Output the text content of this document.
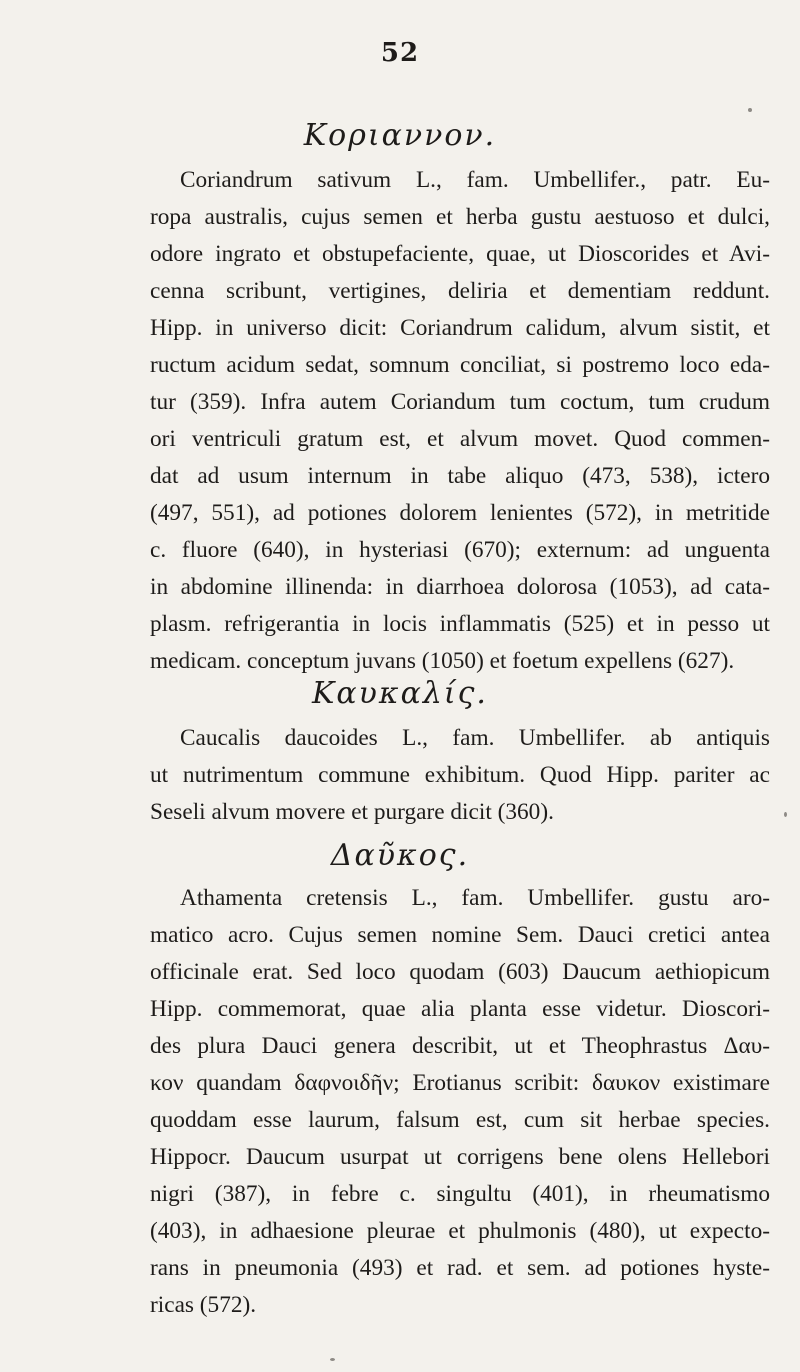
52
Κοριαννον.
Coriandrum sativum L., fam. Umbellifer., patr. Eu-
ropa australis, cujus semen et herba gustu aestuoso et dulci,
odore ingrato et obstupefaciente, quae, ut Dioscorides et Avi-
cenna scribunt, vertigines, deliria et dementiam reddunt.
Hipp. in universo dicit: Coriandrum calidum, alvum sistit, et
ructum acidum sedat, somnum conciliat, si postremo loco eda-
tur (359). Infra autem Coriandum tum coctum, tum crudum
ori ventriculi gratum est, et alvum movet. Quod commen-
dat ad usum internum in tabe aliquo (473, 538), ictero
(497, 551), ad potiones dolorem lenientes (572), in metritide
c. fluore (640), in hysteriasi (670); externum: ad unguenta
in abdomine illinenda: in diarrhoea dolorosa (1053), ad cata-
plasm. refrigerantia in locis inflammatis (525) et in pesso ut
medicam. conceptum juvans (1050) et foetum expellens (627).
Καυκαλίς.
Caucalis daucoides L., fam. Umbellifer. ab antiquis
ut nutrimentum commune exhibitum. Quod Hipp. pariter ac
Seseli alvum movere et purgare dicit (360).
Δαῦκος.
Athamenta cretensis L., fam. Umbellifer. gustu aro-
matico acro. Cujus semen nomine Sem. Dauci cretici antea
officinale erat. Sed loco quodam (603) Daucum aethiopicum
Hipp. commemorat, quae alia planta esse videtur. Dioscori-
des plura Dauci genera describit, ut et Theophrastus Δαυ-
κον quandam δαφνοιδῆν; Erotianus scribit: δαυκον existimare
quoddam esse laurum, falsum est, cum sit herbae species.
Hippocr. Daucum usurpat ut corrigens bene olens Hellebori
nigri (387), in febre c. singultu (401), in rheumatismo
(403), in adhaesione pleurae et phulmonis (480), ut expecto-
rans in pneumonia (493) et rad. et sem. ad potiones hyste-
ricas (572).
